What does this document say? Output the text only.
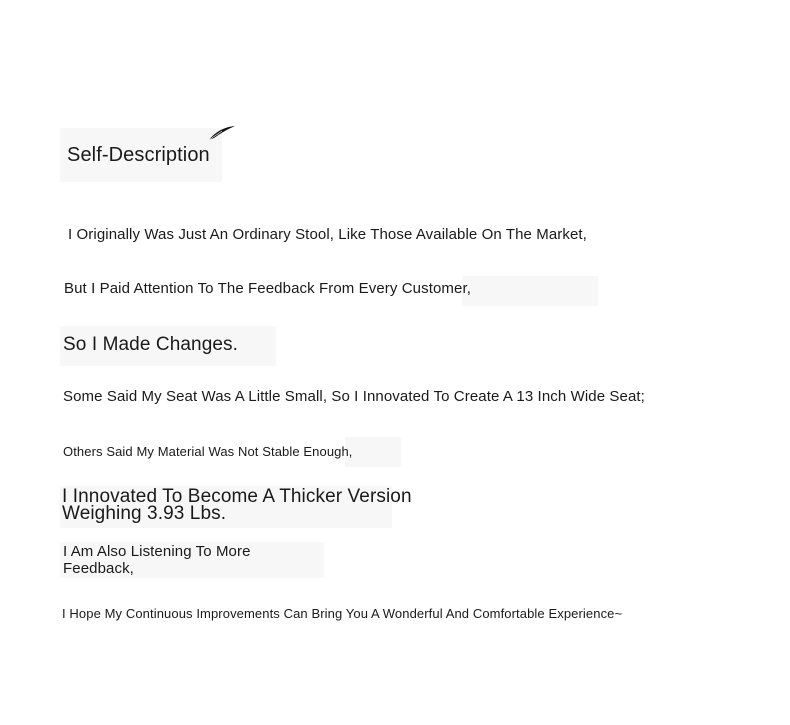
Self-Description
I Originally Was Just An Ordinary Stool, Like Those Available On The Market,
But I Paid Attention To The Feedback From Every Customer,
So I Made Changes.
Some Said My Seat Was A Little Small, So I Innovated To Create A 13 Inch Wide Seat;
Others Said My Material Was Not Stable Enough,
I Innovated To Become A Thicker Version Weighing 3.93 Lbs.
I Am Also Listening To More Feedback,
I Hope My Continuous Improvements Can Bring You A Wonderful And Comfortable Experience~
